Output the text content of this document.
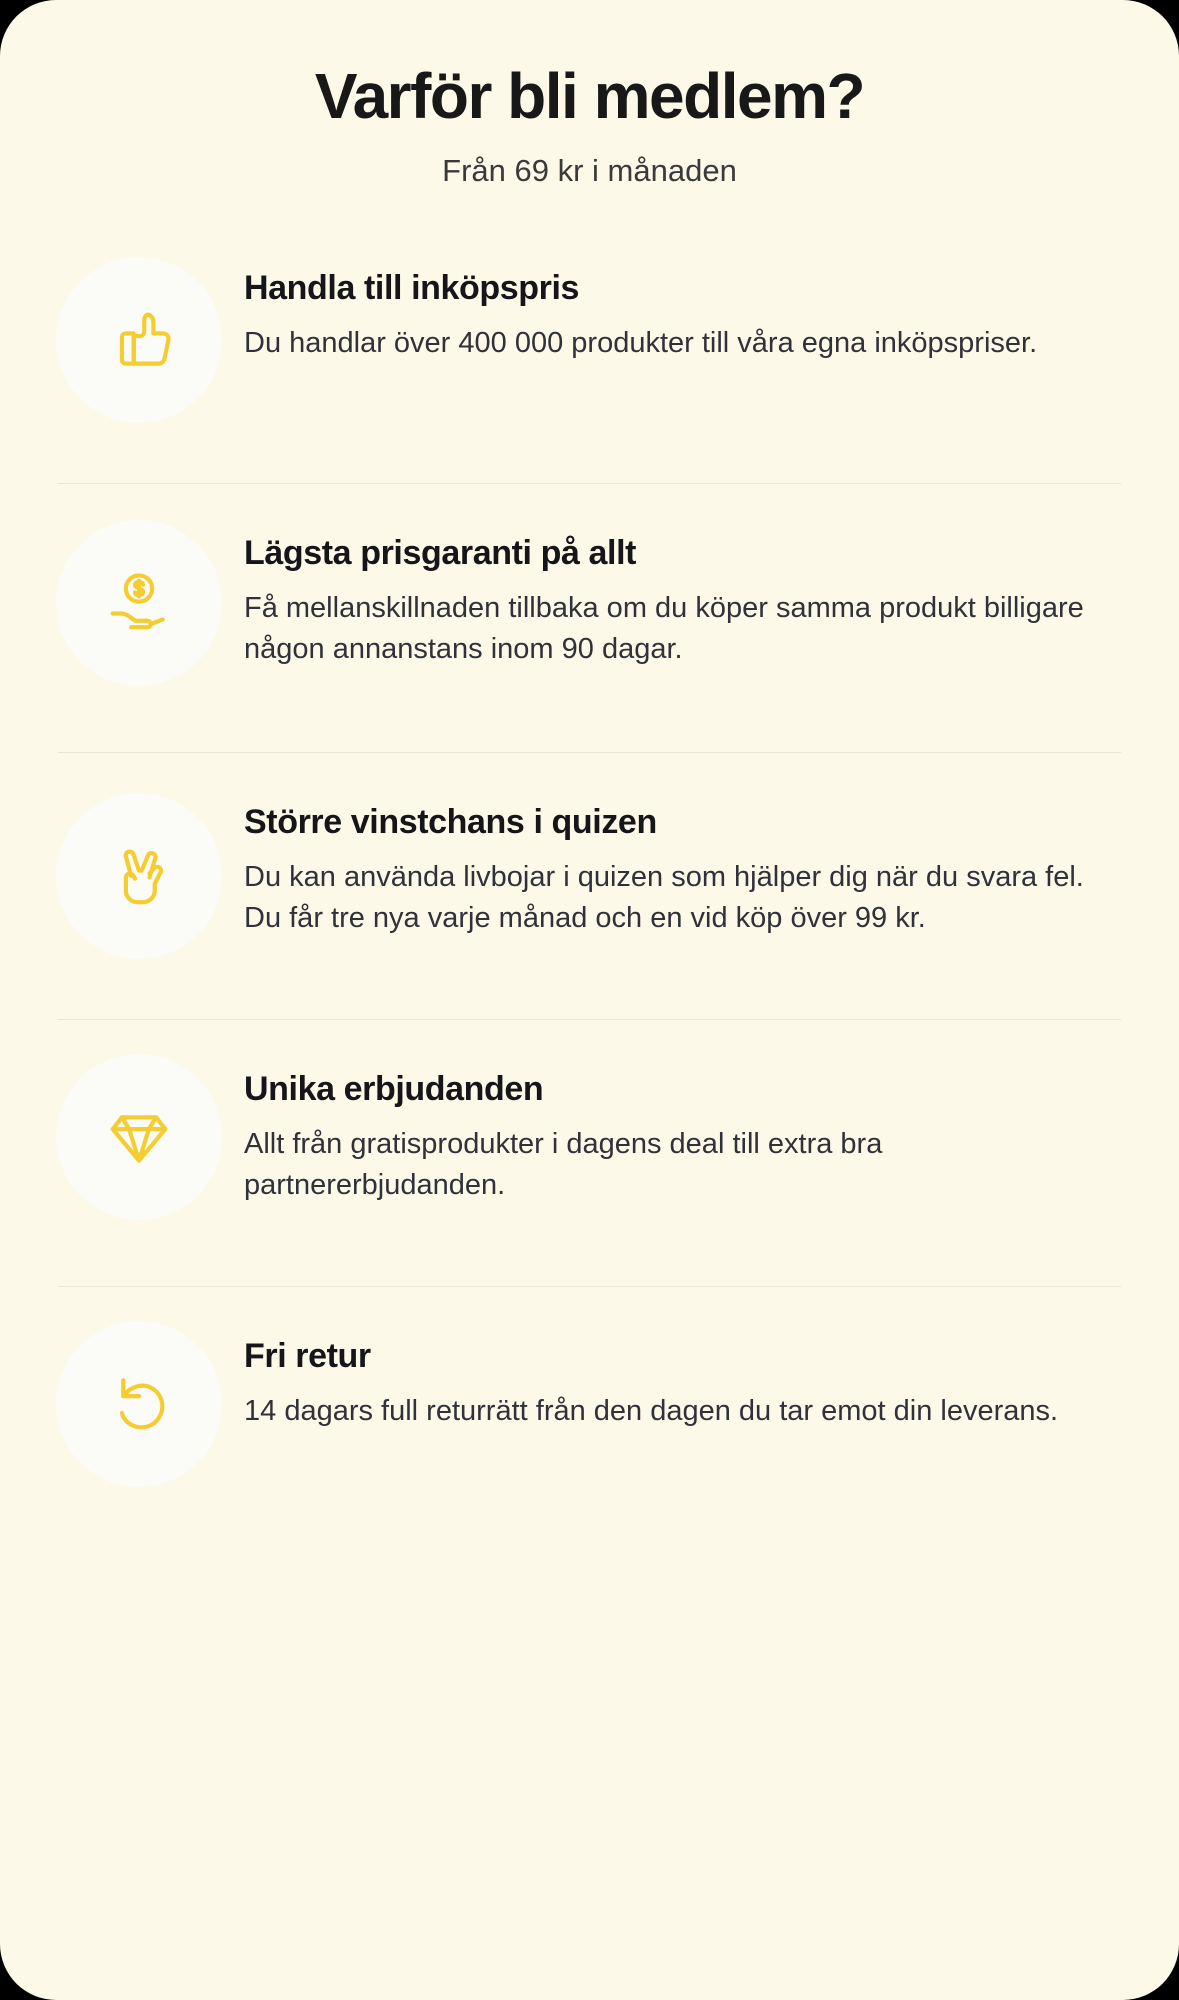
Varför bli medlem?
Från 69 kr i månaden
Handla till inköpspris
Du handlar över 400 000 produkter till våra egna inköpspriser.
Lägsta prisgaranti på allt
Få mellanskillnaden tillbaka om du köper samma produkt billigare någon annanstans inom 90 dagar.
Större vinstchans i quizen
Du kan använda livbojar i quizen som hjälper dig när du svara fel. Du får tre nya varje månad och en vid köp över 99 kr.
Unika erbjudanden
Allt från gratisprodukter i dagens deal till extra bra partnererbjudanden.
Fri retur
14 dagars full returrätt från den dagen du tar emot din leverans.
